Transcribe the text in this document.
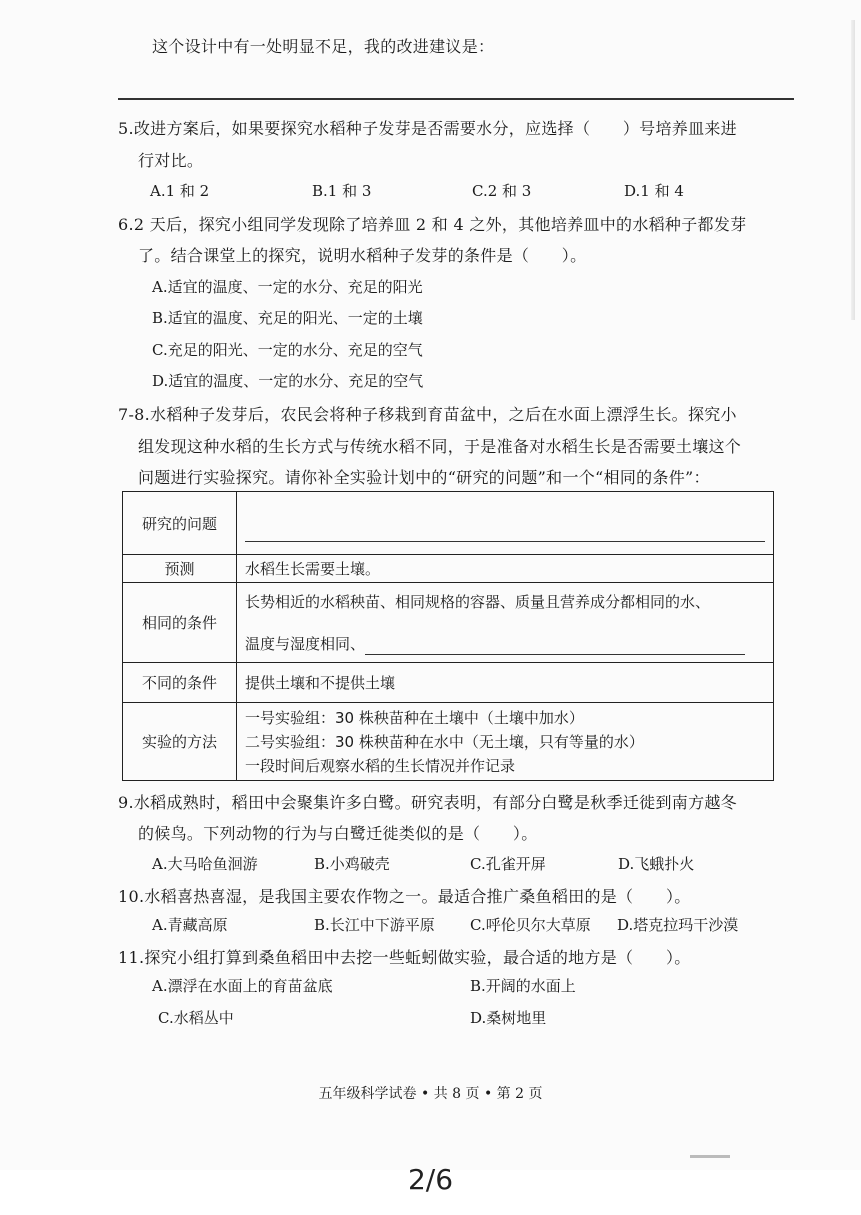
这个设计中有一处明显不足，我的改进建议是：
5.改进方案后，如果要探究水稻种子发芽是否需要水分，应选择（　　）号培养皿来进
行对比。
A.1 和 2	B.1 和 3	C.2 和 3	D.1 和 4
6.2 天后，探究小组同学发现除了培养皿 2 和 4 之外，其他培养皿中的水稻种子都发芽
了。结合课堂上的探究，说明水稻种子发芽的条件是（　　）。
A.适宜的温度、一定的水分、充足的阳光
B.适宜的温度、充足的阳光、一定的土壤
C.充足的阳光、一定的水分、充足的空气
D.适宜的温度、一定的水分、充足的空气
7-8.水稻种子发芽后，农民会将种子移栽到育苗盆中，之后在水面上漂浮生长。探究小
组发现这种水稻的生长方式与传统水稻不同，于是准备对水稻生长是否需要土壤这个
问题进行实验探究。请你补全实验计划中的“研究的问题”和一个“相同的条件”：
研究的问题	
预测	水稻生长需要土壤。
相同的条件	长势相近的水稻秧苗、相同规格的容器、质量且营养成分都相同的水、
温度与湿度相同、

不同的条件	提供土壤和不提供土壤
实验的方法	一号实验组：30 株秧苗种在土壤中（土壤中加水）
二号实验组：30 株秧苗种在水中（无土壤，只有等量的水）
一段时间后观察水稻的生长情况并作记录
9.水稻成熟时，稻田中会聚集许多白鹭。研究表明，有部分白鹭是秋季迁徙到南方越冬
的候鸟。下列动物的行为与白鹭迁徙类似的是（　　）。
A.大马哈鱼洄游	B.小鸡破壳	C.孔雀开屏	D.飞蛾扑火
10.水稻喜热喜湿，是我国主要农作物之一。最适合推广桑鱼稻田的是（　　）。
A.青藏高原	B.长江中下游平原 C.呼伦贝尔大草原 D.塔克拉玛干沙漠
11.探究小组打算到桑鱼稻田中去挖一些蚯蚓做实验，最合适的地方是（　　）。
A.漂浮在水面上的育苗盆底	B.开阔的水面上
C.水稻丛中	D.桑树地里
五年级科学试卷 • 共 8 页 • 第 2 页
2/6
